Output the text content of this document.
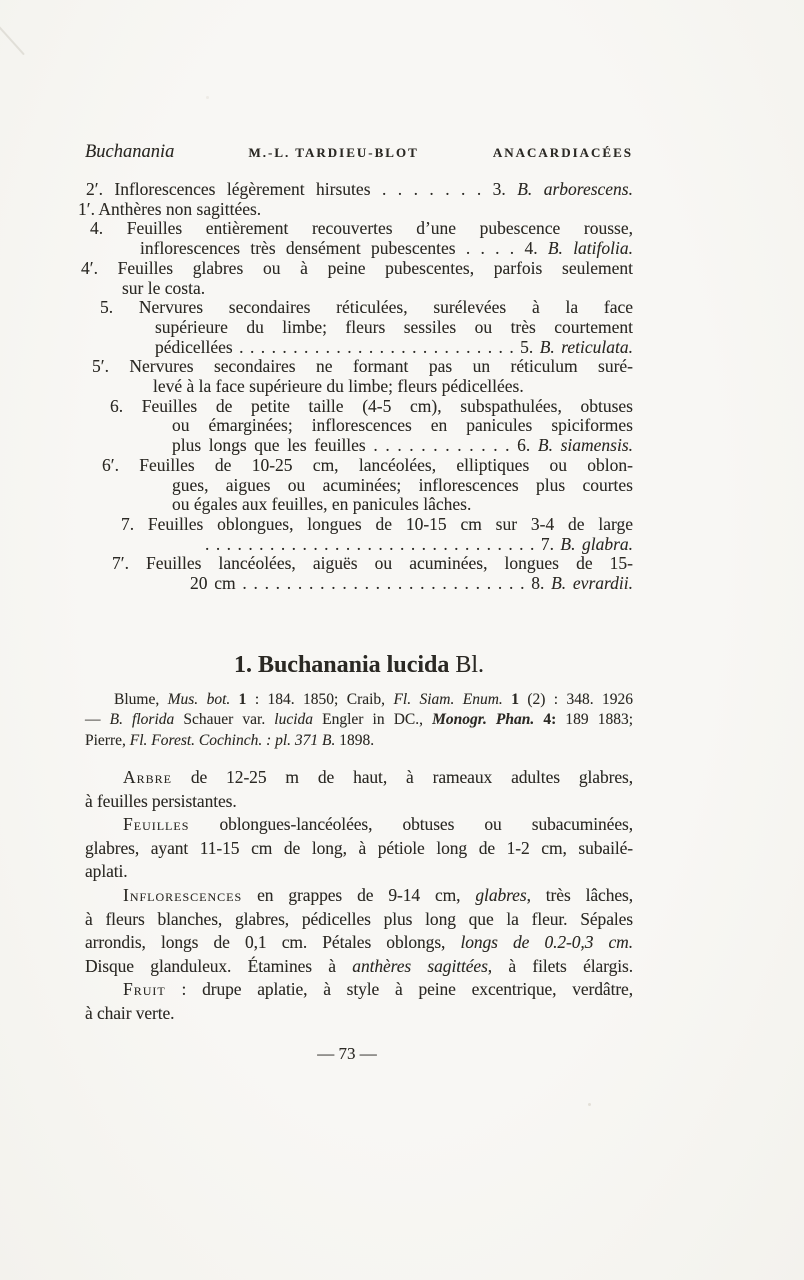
Buchanania	M.-L. TARDIEU-BLOT	ANACARDIACÉES
2′. Inflorescences légèrement hirsutes . . . . . . . 3. B. arborescens.
1′. Anthères non sagittées.
4. Feuilles entièrement recouvertes d’une pubescence rousse,
inflorescences très densément pubescentes . . . . 4. B. latifolia.
4′. Feuilles glabres ou à peine pubescentes, parfois seulement
sur le costa.
5. Nervures secondaires réticulées, surélevées à la face
supérieure du limbe; fleurs sessiles ou très courtement
pédicellées . . . . . . . . . . . . . . . . . . . . . . . . . . 5. B. reticulata.
5′. Nervures secondaires ne formant pas un réticulum suré-
levé à la face supérieure du limbe; fleurs pédicellées.
6. Feuilles de petite taille (4-5 cm), subspathulées, obtuses
ou émarginées; inflorescences en panicules spiciformes
plus longs que les feuilles . . . . . . . . . . . . 6. B. siamensis.
6′. Feuilles de 10-25 cm, lancéolées, elliptiques ou oblon-
gues, aigues ou acuminées; inflorescences plus courtes
ou égales aux feuilles, en panicules lâches.
7. Feuilles oblongues, longues de 10-15 cm sur 3-4 de large
. . . . . . . . . . . . . . . . . . . . . . . . . . . . . . . 7. B. glabra.
7′. Feuilles lancéolées, aiguës ou acuminées, longues de 15-
20 cm . . . . . . . . . . . . . . . . . . . . . . . . . . 8. B. evrardii.
1. Buchanania lucida Bl.
Blume, Mus. bot. 1 : 184. 1850; Craib, Fl. Siam. Enum. 1 (2) : 348. 1926
— B. florida Schauer var. lucida Engler in DC., Monogr. Phan. 4: 189 1883;
Pierre, Fl. Forest. Cochinch. : pl. 371 B. 1898.
Arbre de 12-25 m de haut, à rameaux adultes glabres,
à feuilles persistantes.
Feuilles oblongues-lancéolées, obtuses ou subacuminées,
glabres, ayant 11-15 cm de long, à pétiole long de 1-2 cm, subailé-
aplati.
Inflorescences en grappes de 9-14 cm, glabres, très lâches,
à fleurs blanches, glabres, pédicelles plus long que la fleur. Sépales
arrondis, longs de 0,1 cm. Pétales oblongs, longs de 0.2-0,3 cm.
Disque glanduleux. Étamines à anthères sagittées, à filets élargis.
Fruit : drupe aplatie, à style à peine excentrique, verdâtre,
à chair verte.
— 73 —
